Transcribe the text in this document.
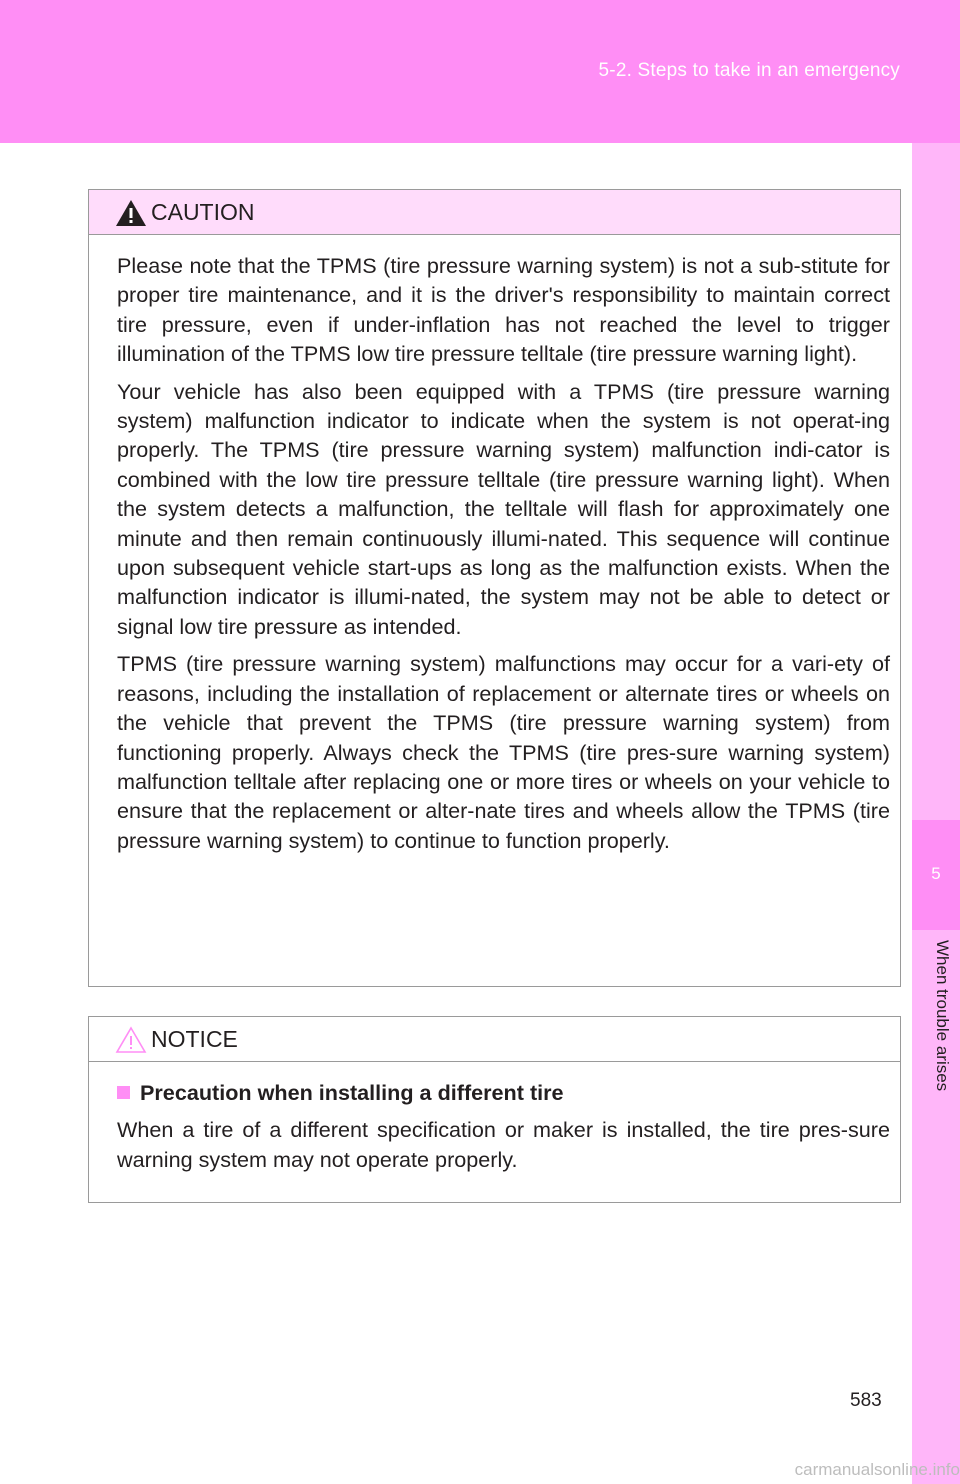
5-2. Steps to take in an emergency
5
When trouble arises
CAUTION

Please note that the TPMS (tire pressure warning system) is not a sub-stitute for proper tire maintenance, and it is the driver's responsibility to maintain correct tire pressure, even if under-inflation has not reached the level to trigger illumination of the TPMS low tire pressure telltale (tire pressure warning light).

Your vehicle has also been equipped with a TPMS (tire pressure warning system) malfunction indicator to indicate when the system is not operat-ing properly. The TPMS (tire pressure warning system) malfunction indi-cator is combined with the low tire pressure telltale (tire pressure warning light). When the system detects a malfunction, the telltale will flash for approximately one minute and then remain continuously illumi-nated. This sequence will continue upon subsequent vehicle start-ups as long as the malfunction exists. When the malfunction indicator is illumi-nated, the system may not be able to detect or signal low tire pressure as intended.

TPMS (tire pressure warning system) malfunctions may occur for a vari-ety of reasons, including the installation of replacement or alternate tires or wheels on the vehicle that prevent the TPMS (tire pressure warning system) from functioning properly. Always check the TPMS (tire pres-sure warning system) malfunction telltale after replacing one or more tires or wheels on your vehicle to ensure that the replacement or alter-nate tires and wheels allow the TPMS (tire pressure warning system) to continue to function properly.

NOTICE

Precaution when installing a different tire

When a tire of a different specification or maker is installed, the tire pres-sure warning system may not operate properly.

583
carmanualsonline.info
